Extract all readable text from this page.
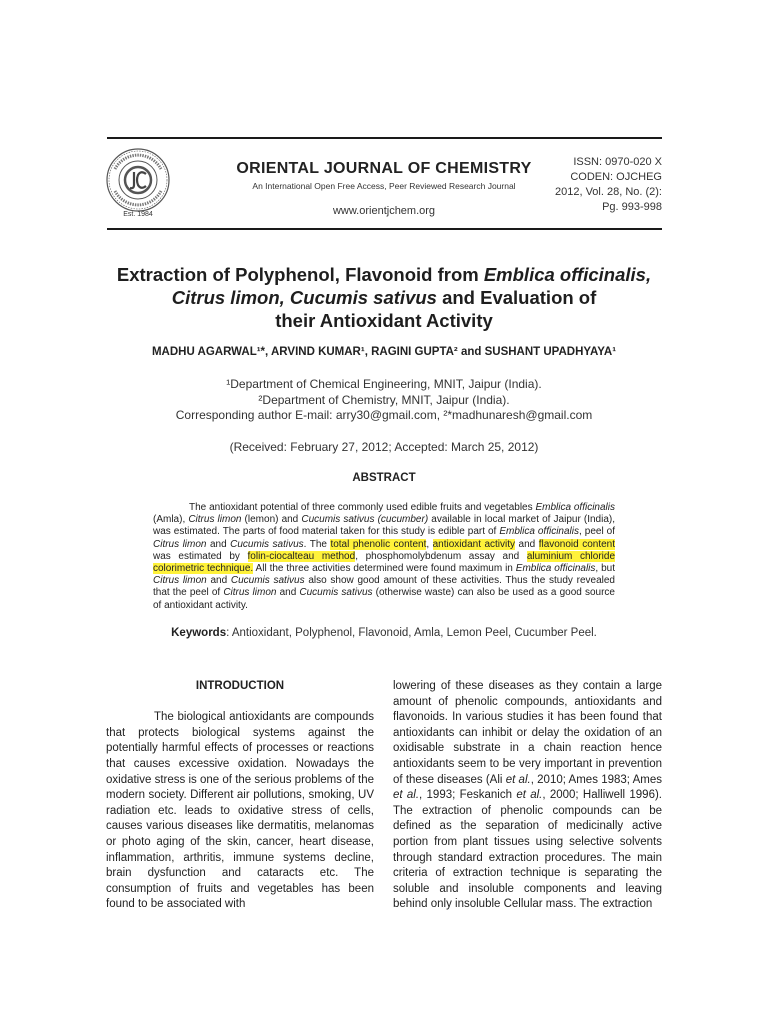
Est. 1984
ORIENTAL JOURNAL OF CHEMISTRY
An International Open Free Access, Peer Reviewed Research Journal
www.orientjchem.org
ISSN: 0970-020 X
CODEN: OJCHEG
2012, Vol. 28, No. (2):
Pg. 993-998
Extraction of Polyphenol, Flavonoid from Emblica officinalis,
Citrus limon, Cucumis sativus and Evaluation of
their Antioxidant Activity
MADHU AGARWAL¹*, ARVIND KUMAR¹, RAGINI GUPTA² and SUSHANT UPADHYAYA¹
¹Department of Chemical Engineering, MNIT, Jaipur (India).
²Department of Chemistry, MNIT, Jaipur (India).
Corresponding author E-mail: arry30@gmail.com, ²*madhunaresh@gmail.com
(Received: February 27, 2012; Accepted: March 25, 2012)
ABSTRACT

The antioxidant potential of three commonly used edible fruits and vegetables Emblica officinalis (Amla), Citrus limon (lemon) and Cucumis sativus (cucumber) available in local market of Jaipur (India), was estimated. The parts of food material taken for this study is edible part of Emblica officinalis, peel of Citrus limon and Cucumis sativus. The total phenolic content, antioxidant activity and flavonoid content was estimated by folin-ciocalteau method, phosphomolybdenum assay and aluminium chloride colorimetric technique. All the three activities determined were found maximum in Emblica officinalis, but Citrus limon and Cucumis sativus also show good amount of these activities. Thus the study revealed that the peel of Citrus limon and Cucumis sativus (otherwise waste) can also be used as a good source of antioxidant activity.

Keywords: Antioxidant, Polyphenol, Flavonoid, Amla, Lemon Peel, Cucumber Peel.
INTRODUCTION

The biological antioxidants are compounds that protects biological systems against the potentially harmful effects of processes or reactions that causes excessive oxidation. Nowadays the oxidative stress is one of the serious problems of the modern society. Different air pollutions, smoking, UV radiation etc. leads to oxidative stress of cells, causes various diseases like dermatitis, melanomas or photo aging of the skin, cancer, heart disease, inflammation, arthritis, immune systems decline, brain dysfunction and cataracts etc. The consumption of fruits and vegetables has been found to be associated with

lowering of these diseases as they contain a large amount of phenolic compounds, antioxidants and flavonoids. In various studies it has been found that antioxidants can inhibit or delay the oxidation of an oxidisable substrate in a chain reaction hence antioxidants seem to be very important in prevention of these diseases (Ali et al., 2010; Ames 1983; Ames et al., 1993; Feskanich et al., 2000; Halliwell 1996). The extraction of phenolic compounds can be defined as the separation of medicinally active portion from plant tissues using selective solvents through standard extraction procedures. The main criteria of extraction technique is separating the soluble and insoluble components and leaving behind only insoluble Cellular mass. The extraction
